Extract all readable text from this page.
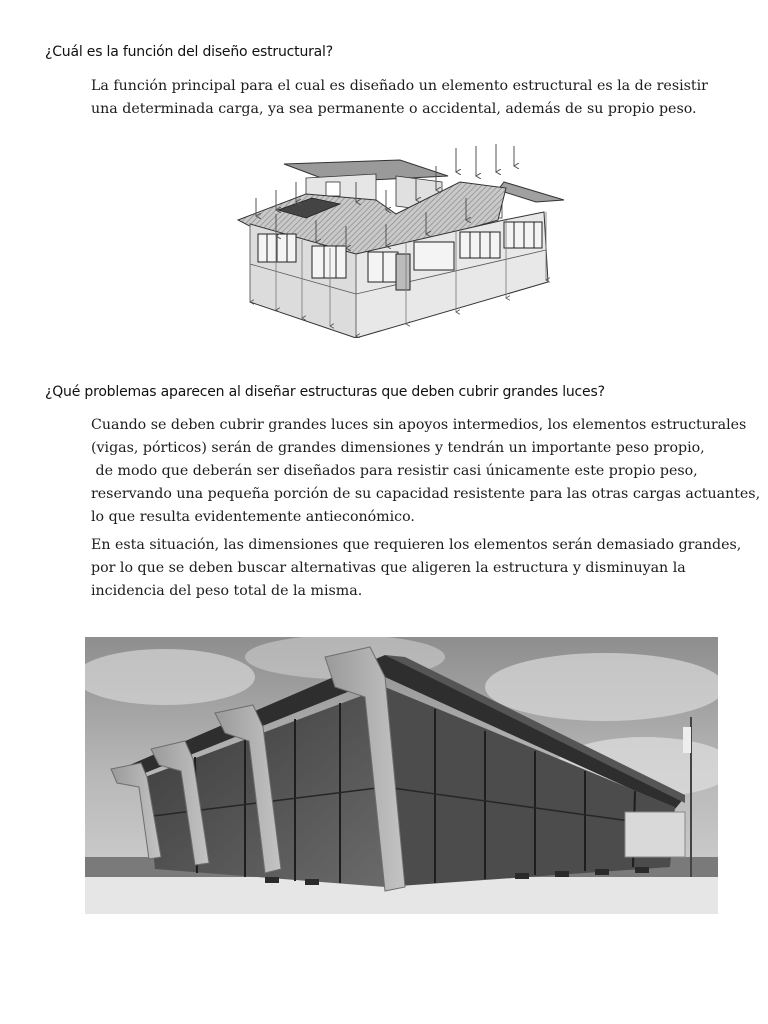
¿Cuál es la función del diseño estructural?

La función principal para el cual es diseñado un elemento estructural es la de resistir
una determinada carga, ya sea permanente o accidental, además de su propio peso.

¿Qué problemas aparecen al diseñar estructuras que deben cubrir grandes luces?

Cuando se deben cubrir grandes luces sin apoyos intermedios, los elementos estructurales
(vigas, pórticos) serán de grandes dimensiones y tendrán un importante peso propio,
de modo que deberán ser diseñados para resistir casi únicamente este propio peso,
reservando una pequeña porción de su capacidad resistente para las otras cargas actuantes,
lo que resulta evidentemente antieconómico.

En esta situación, las dimensiones que requieren los elementos serán demasiado grandes,
por lo que se deben buscar alternativas que aligeren la estructura y disminuyan la
incidencia del peso total de la misma.
